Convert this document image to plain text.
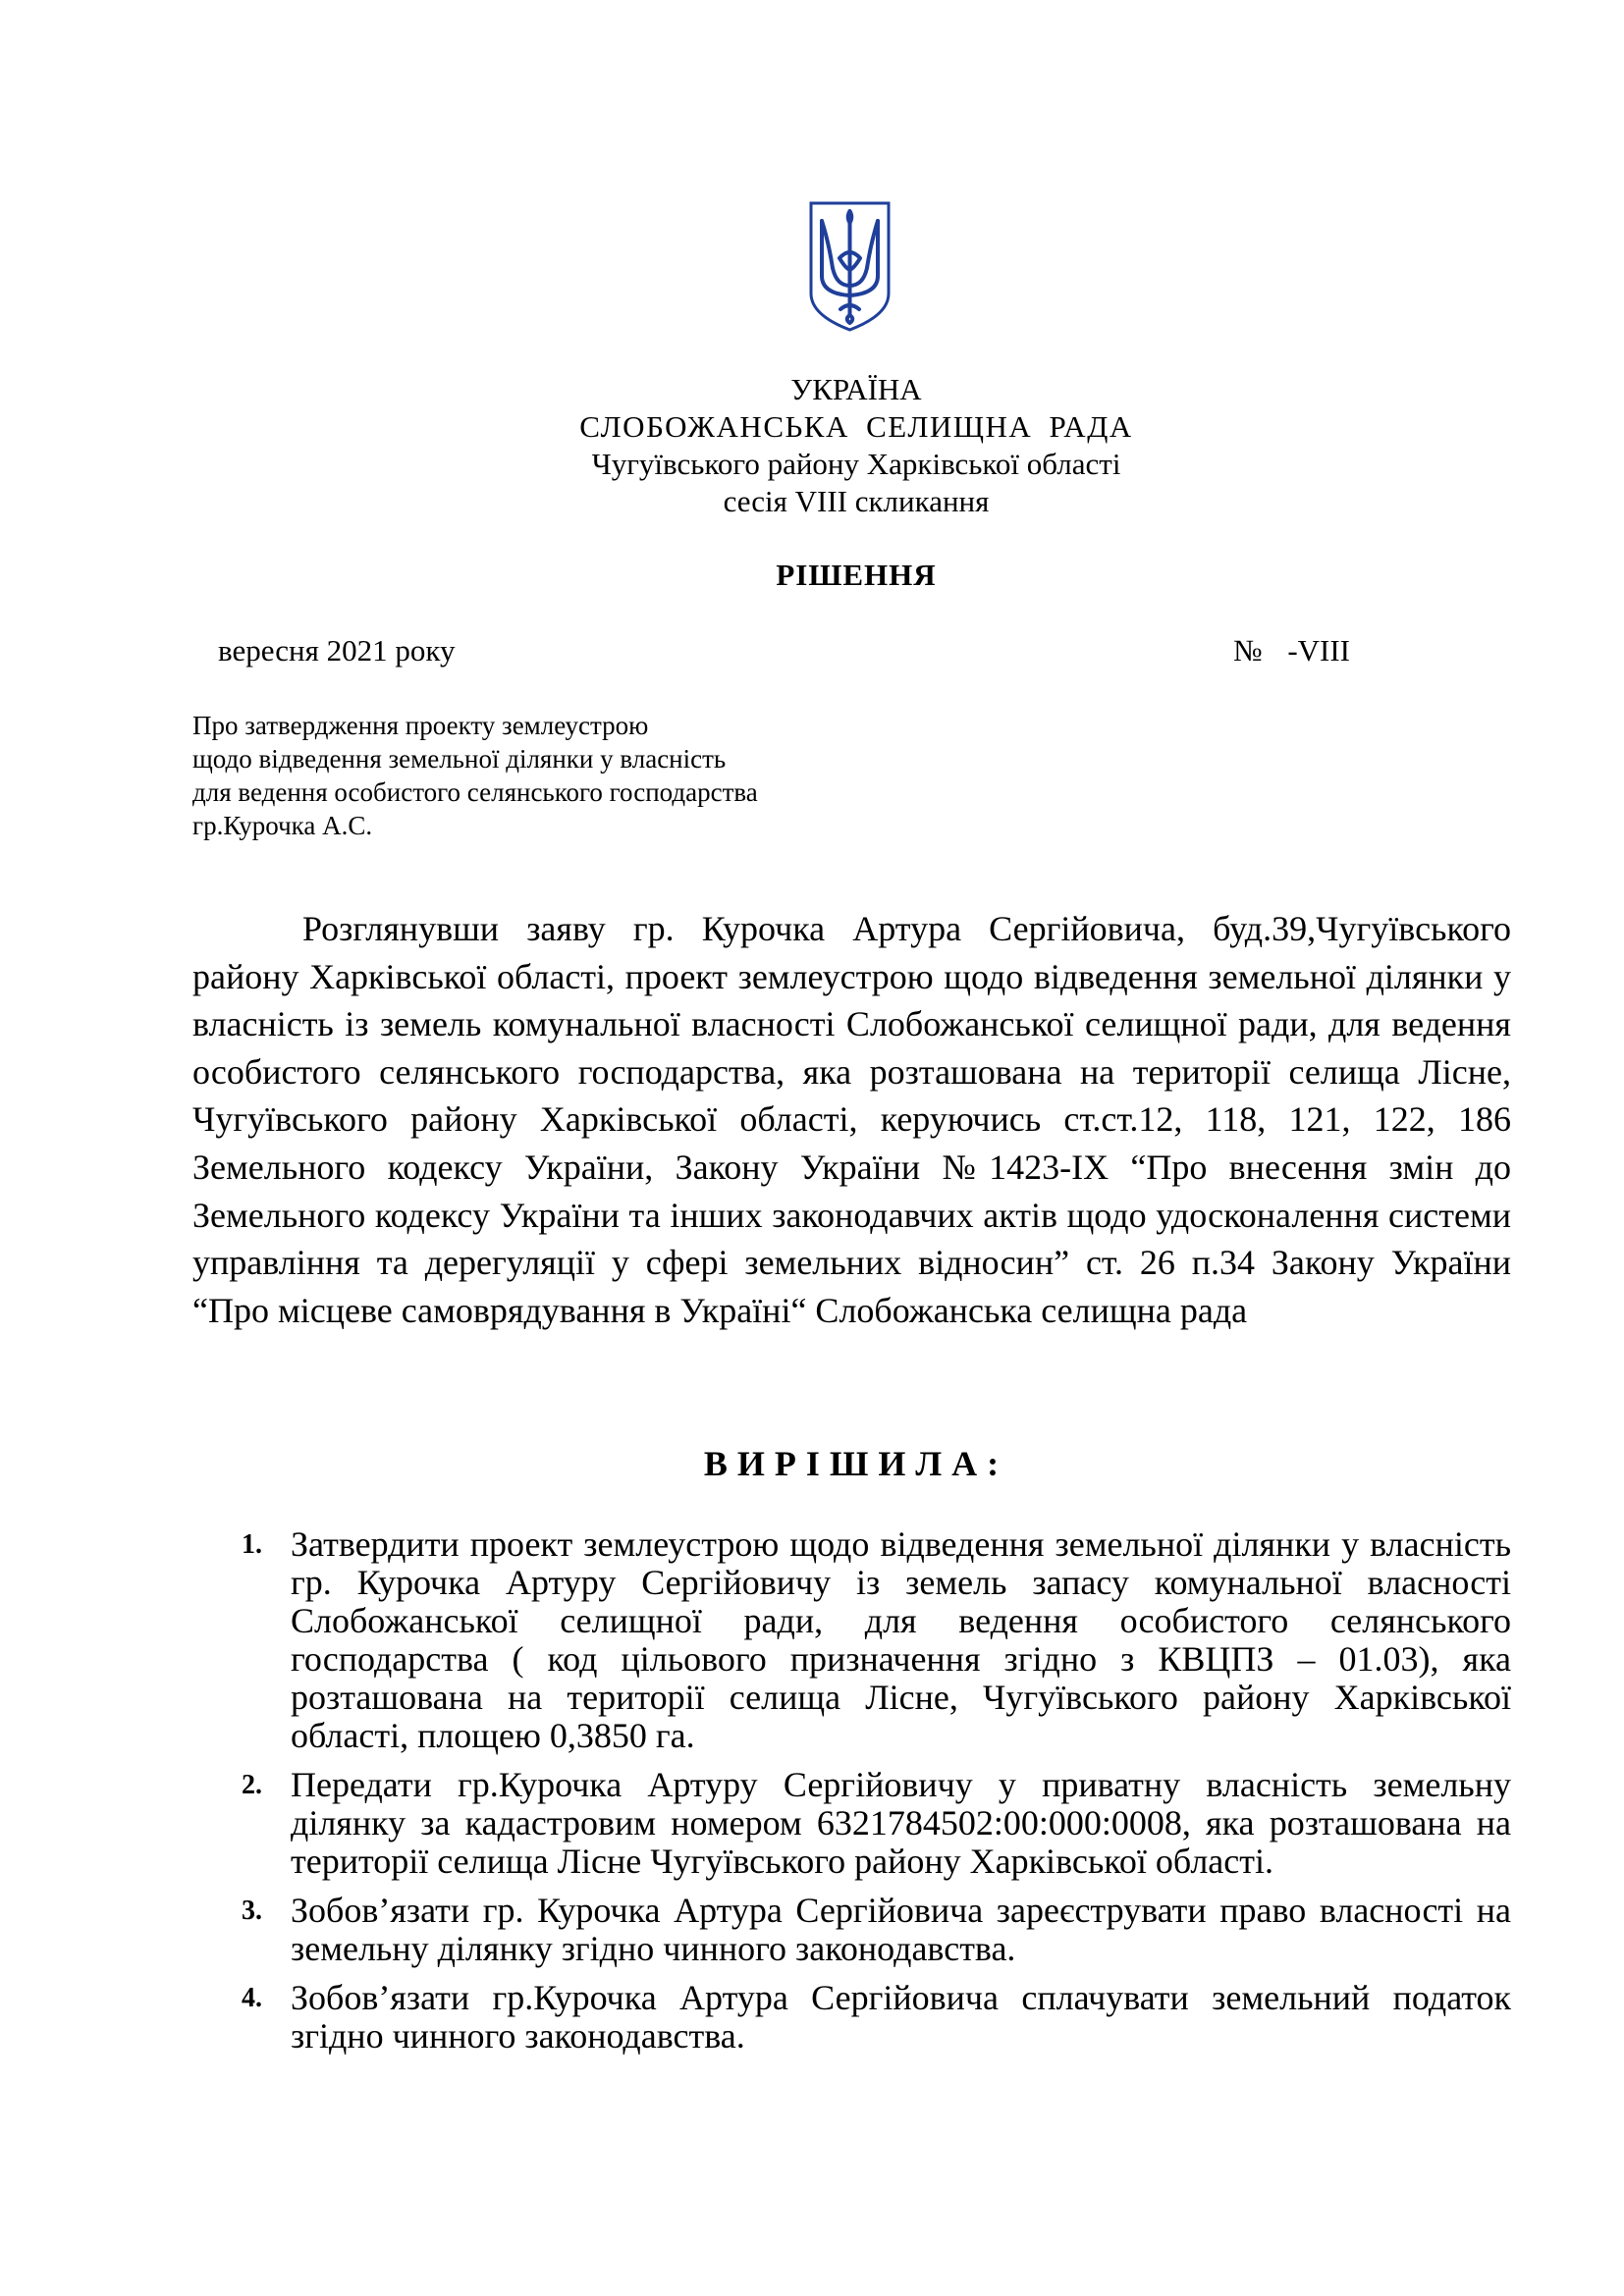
УКРАЇНА
СЛОБОЖАНСЬКА СЕЛИЩНА РАДА
Чугуївського району Харківської області
сесія VIII скликання
РІШЕННЯ
вересня 2021 року	№ -VIII
Про затвердження проекту землеустрою
щодо відведення земельної ділянки у власність
для ведення особистого селянського господарства
гр.Курочка А.С.
Розглянувши заяву гр. Курочка Артура Сергійовича, буд.39,Чугуївського району Харківської області, проект землеустрою щодо відведення земельної ділянки у власність із земель комунальної власності Слобожанської селищної ради, для ведення особистого селянського господарства, яка розташована на території селища Лісне, Чугуївського району Харківської області, керуючись ст.ст.12, 118, 121, 122, 186 Земельного кодексу України, Закону України №1423-IX “Про внесення змін до Земельного кодексу України та інших законодавчих актів щодо удосконалення системи управління та дерегуляції у сфері земельних відносин” ст. 26 п.34 Закону України “Про місцеве самоврядування в Україні“ Слобожанська селищна рада
ВИРІШИЛА:
1. Затвердити проект землеустрою щодо відведення земельної ділянки у власність гр. Курочка Артуру Сергійовичу із земель запасу комунальної власності Слобожанської селищної ради, для ведення особистого селянського господарства ( код цільового призначення згідно з КВЦПЗ – 01.03), яка розташована на території селища Лісне, Чугуївського району Харківської області, площею 0,3850 га.
2. Передати гр.Курочка Артуру Сергійовичу у приватну власність земельну ділянку за кадастровим номером 6321784502:00:000:0008, яка розташована на території селища Лісне Чугуївського району Харківської області.
3. Зобов’язати гр. Курочка Артура Сергійовича зареєструвати право власності на земельну ділянку згідно чинного законодавства.
4. Зобов’язати гр.Курочка Артура Сергійовича сплачувати земельний податок згідно чинного законодавства.
